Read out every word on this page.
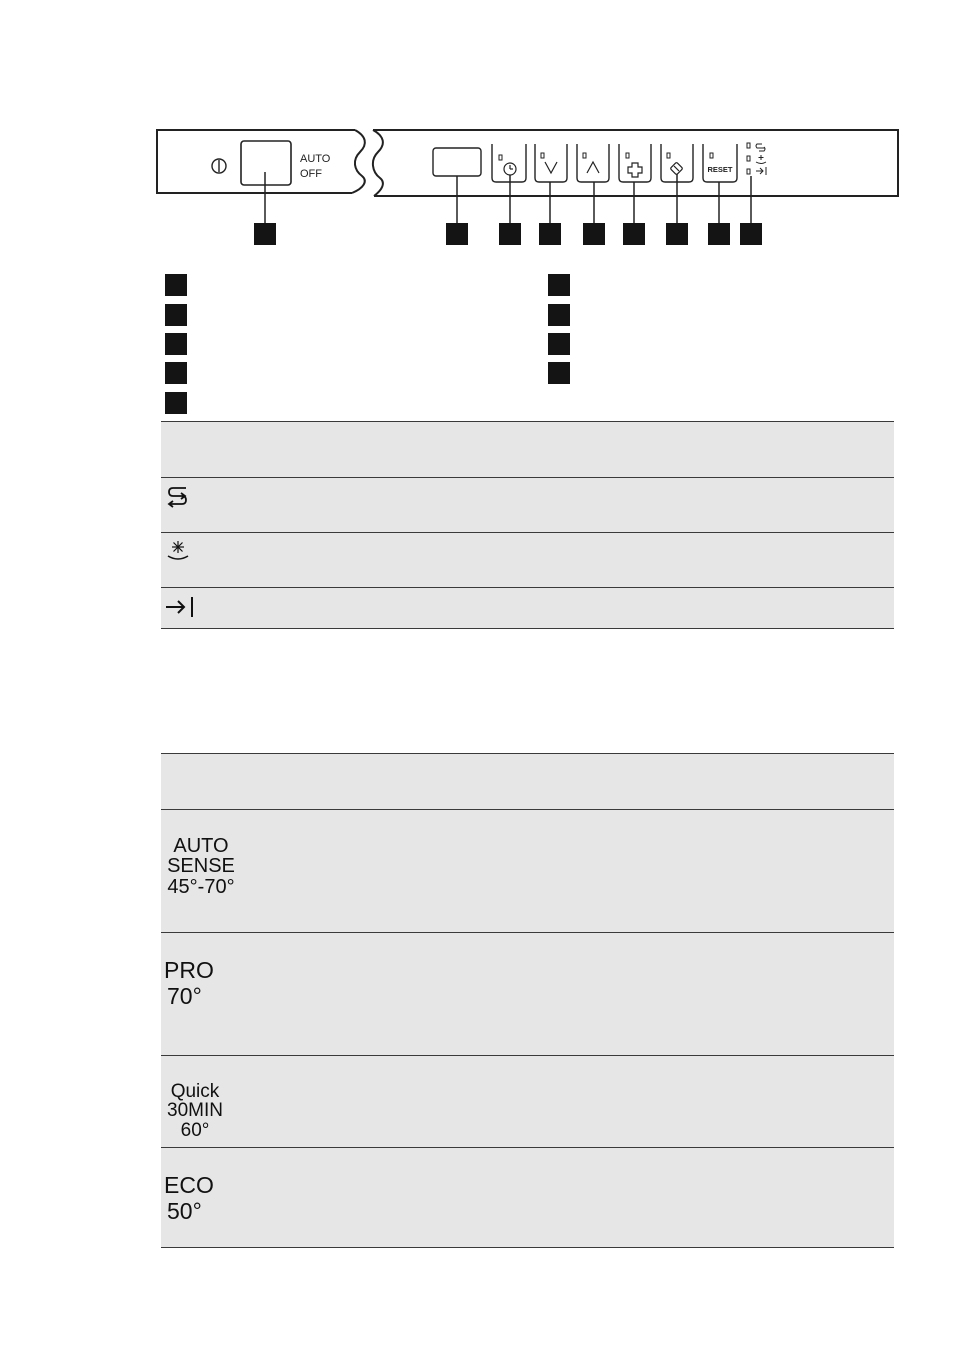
AUTO
OFF	RESET
AUTO
SENSE
45°-70°
PRO
70°
Quick
30MIN
60°
ECO
50°
